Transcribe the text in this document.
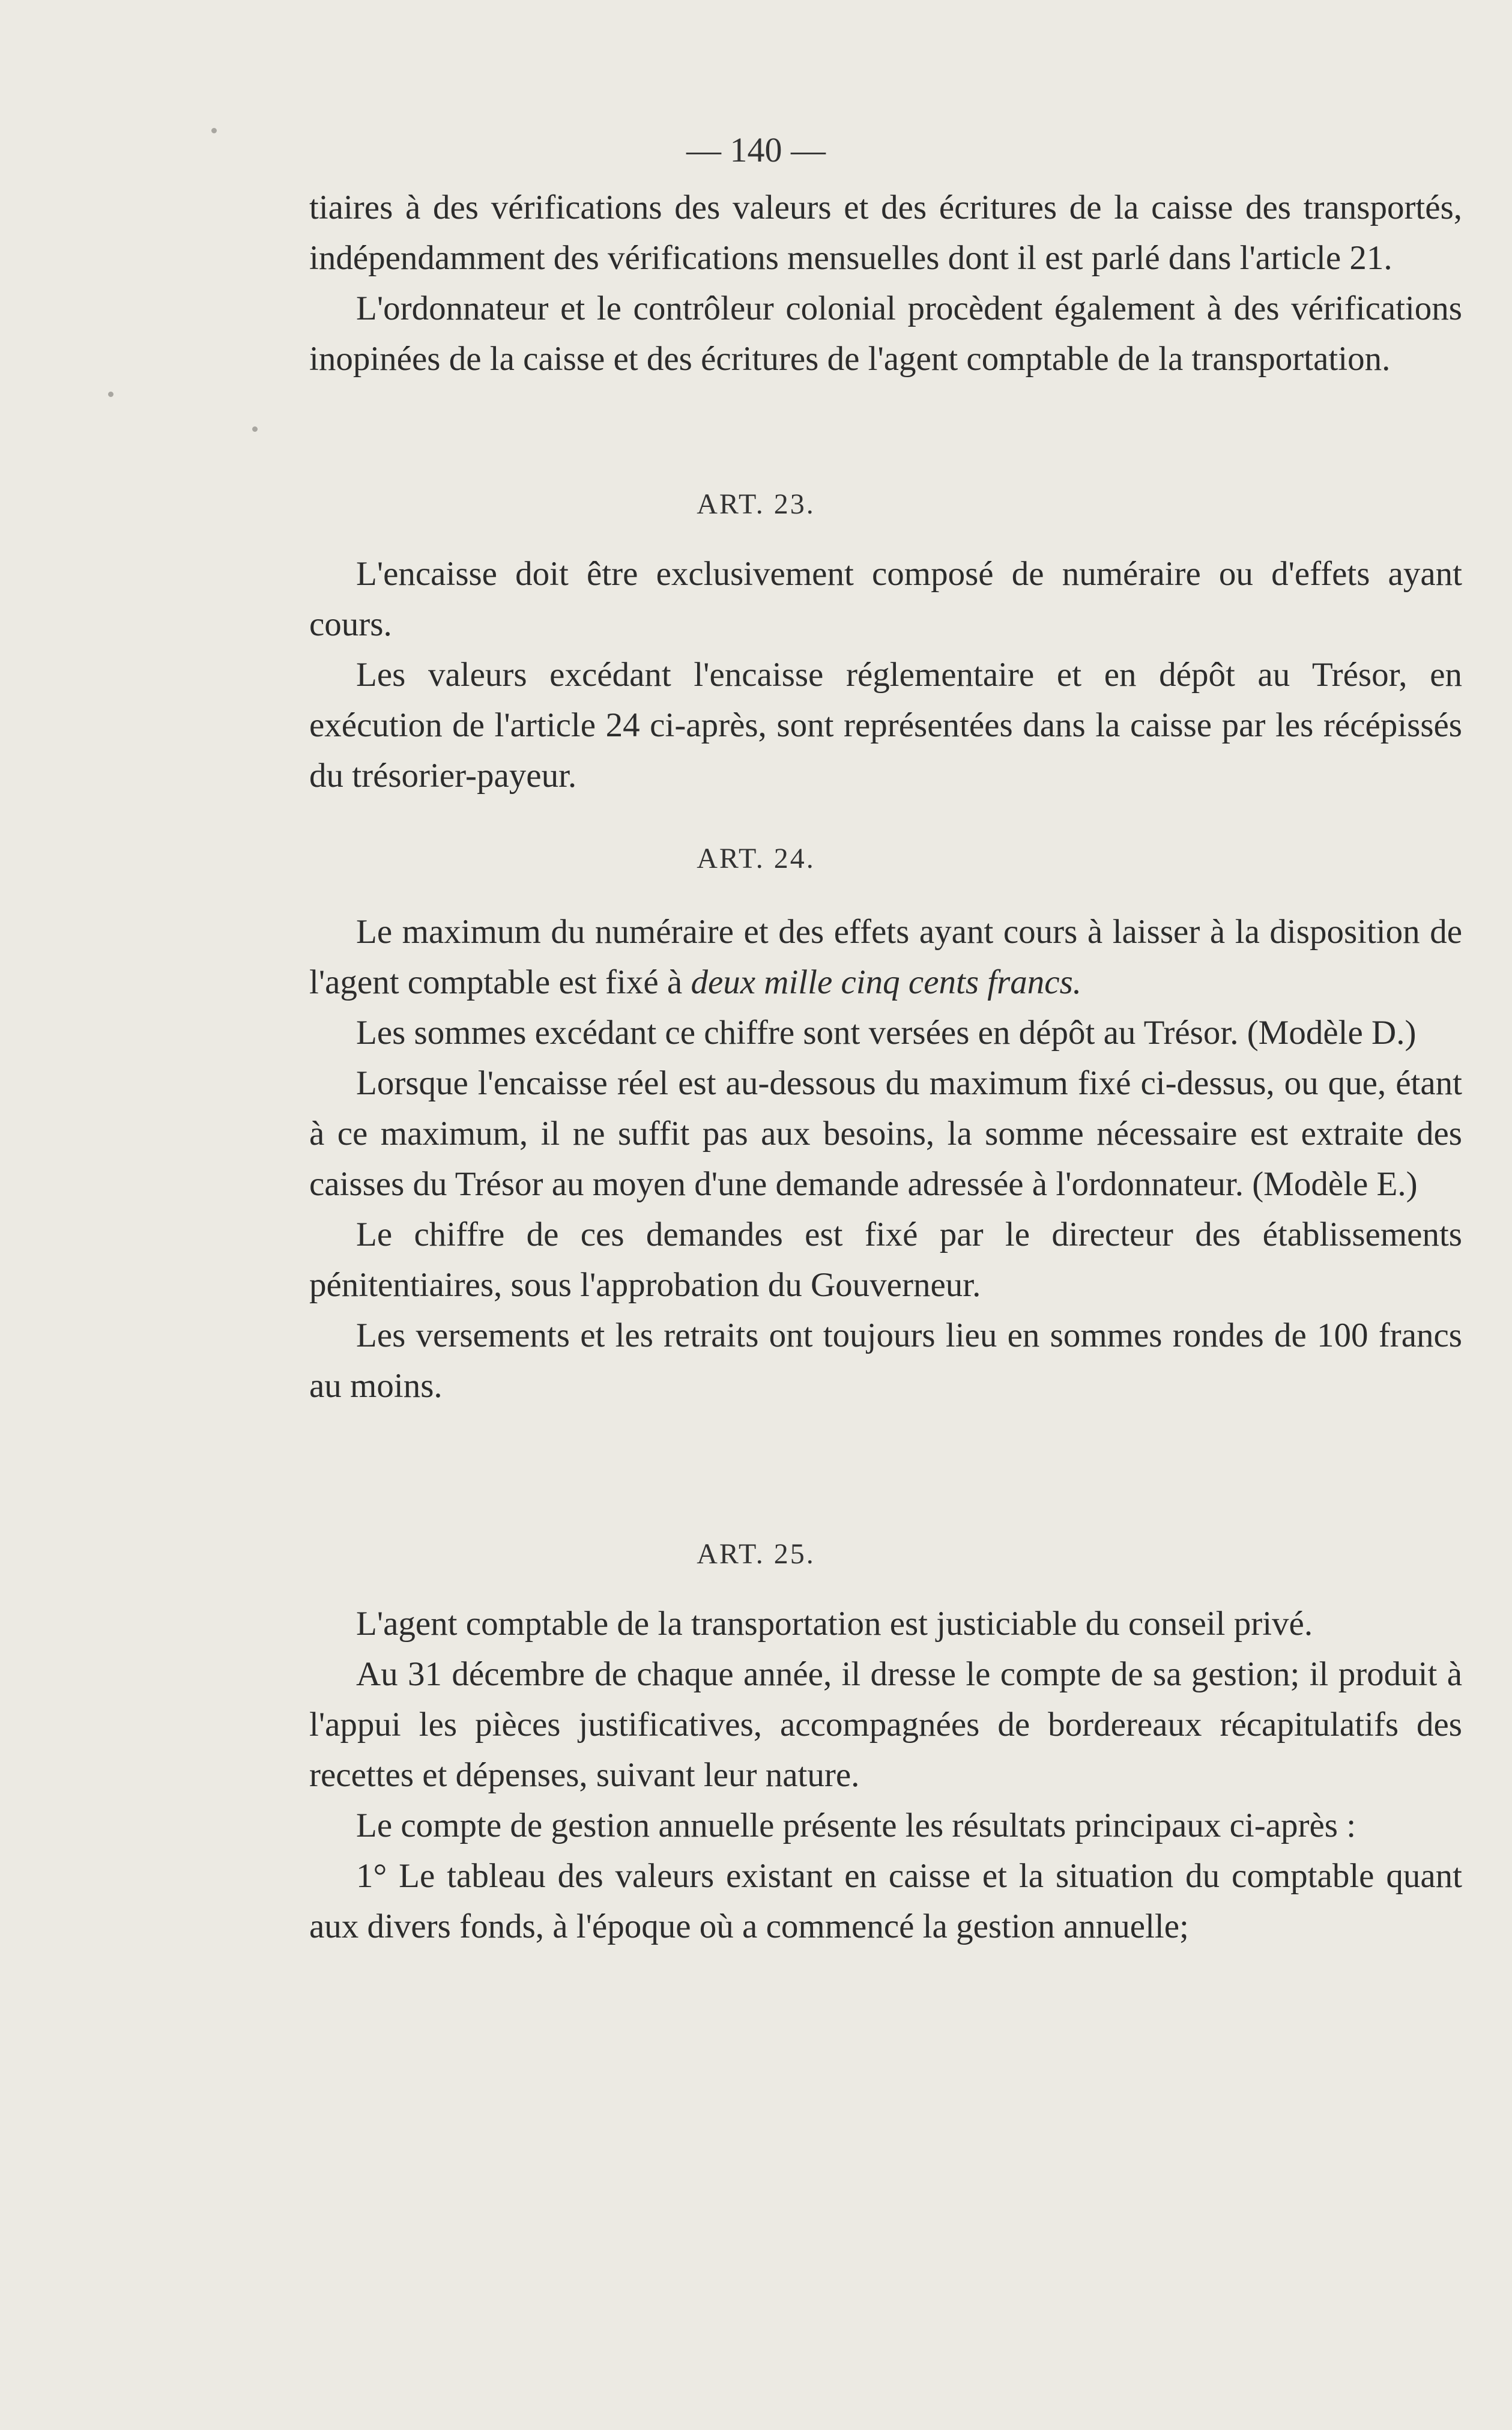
— 140 —

tiaires à des vérifications des valeurs et des écritures de la caisse des transportés, indépendamment des vérifications mensuelles dont il est parlé dans l'article 21.

L'ordonnateur et le contrôleur colonial procèdent également à des vérifications inopinées de la caisse et des écritures de l'agent comptable de la transportation.

ART. 23.

L'encaisse doit être exclusivement composé de numéraire ou d'effets ayant cours.

Les valeurs excédant l'encaisse réglementaire et en dépôt au Trésor, en exécution de l'article 24 ci-après, sont représentées dans la caisse par les récépissés du trésorier-payeur.

ART. 24.

Le maximum du numéraire et des effets ayant cours à laisser à la disposition de l'agent comptable est fixé à deux mille cinq cents francs.

Les sommes excédant ce chiffre sont versées en dépôt au Trésor. (Modèle D.)

Lorsque l'encaisse réel est au-dessous du maximum fixé ci-dessus, ou que, étant à ce maximum, il ne suffit pas aux besoins, la somme nécessaire est extraite des caisses du Trésor au moyen d'une demande adressée à l'ordonnateur. (Modèle E.)

Le chiffre de ces demandes est fixé par le directeur des établissements pénitentiaires, sous l'approbation du Gouverneur.

Les versements et les retraits ont toujours lieu en sommes rondes de 100 francs au moins.

ART. 25.

L'agent comptable de la transportation est justiciable du conseil privé.

Au 31 décembre de chaque année, il dresse le compte de sa gestion; il produit à l'appui les pièces justificatives, accompagnées de bordereaux récapitulatifs des recettes et dépenses, suivant leur nature.

Le compte de gestion annuelle présente les résultats principaux ci-après :

1° Le tableau des valeurs existant en caisse et la situation du comptable quant aux divers fonds, à l'époque où a commencé la gestion annuelle;
